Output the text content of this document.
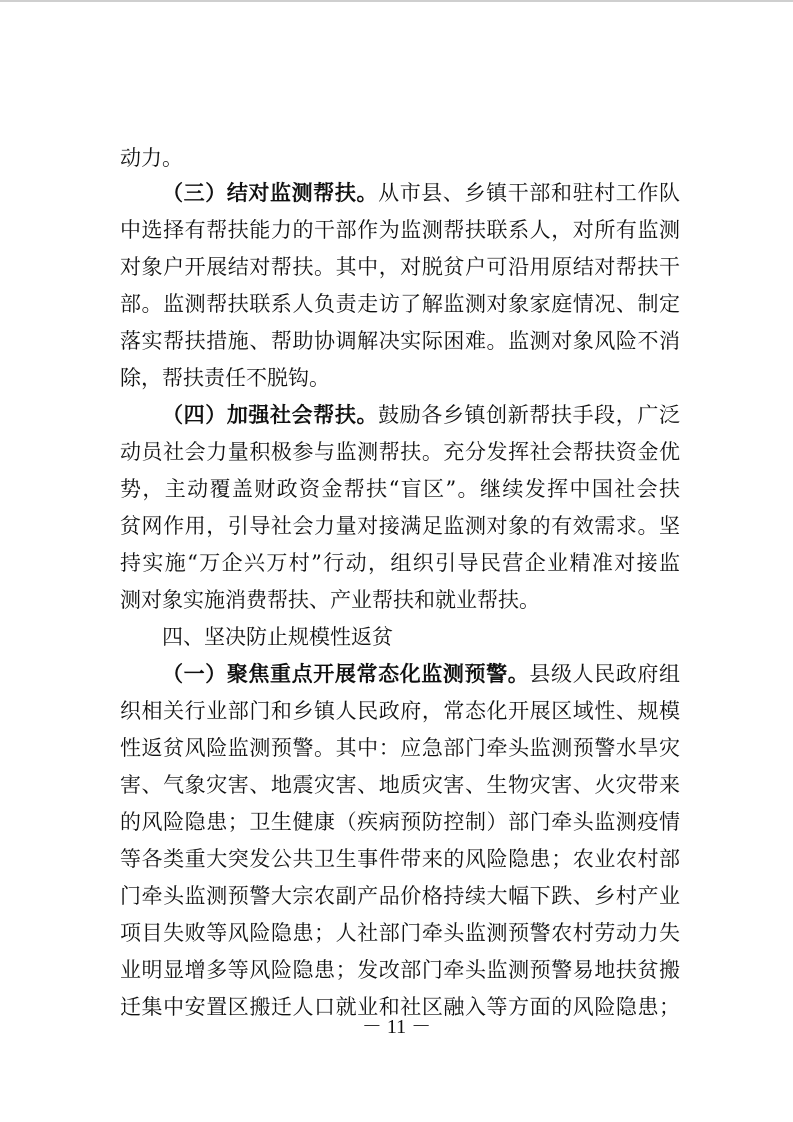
动力。
（三）结对监测帮扶。从市县、乡镇干部和驻村工作队
中选择有帮扶能力的干部作为监测帮扶联系人，对所有监测
对象户开展结对帮扶。其中，对脱贫户可沿用原结对帮扶干
部。监测帮扶联系人负责走访了解监测对象家庭情况、制定
落实帮扶措施、帮助协调解决实际困难。监测对象风险不消
除，帮扶责任不脱钩。
（四）加强社会帮扶。鼓励各乡镇创新帮扶手段，广泛
动员社会力量积极参与监测帮扶。充分发挥社会帮扶资金优
势，主动覆盖财政资金帮扶“盲区”。继续发挥中国社会扶
贫网作用，引导社会力量对接满足监测对象的有效需求。坚
持实施“万企兴万村”行动，组织引导民营企业精准对接监
测对象实施消费帮扶、产业帮扶和就业帮扶。
四、坚决防止规模性返贫
（一）聚焦重点开展常态化监测预警。县级人民政府组
织相关行业部门和乡镇人民政府，常态化开展区域性、规模
性返贫风险监测预警。其中：应急部门牵头监测预警水旱灾
害、气象灾害、地震灾害、地质灾害、生物灾害、火灾带来
的风险隐患；卫生健康（疾病预防控制）部门牵头监测疫情
等各类重大突发公共卫生事件带来的风险隐患；农业农村部
门牵头监测预警大宗农副产品价格持续大幅下跌、乡村产业
项目失败等风险隐患；人社部门牵头监测预警农村劳动力失
业明显增多等风险隐患；发改部门牵头监测预警易地扶贫搬
迁集中安置区搬迁人口就业和社区融入等方面的风险隐患；
－ 11 －
